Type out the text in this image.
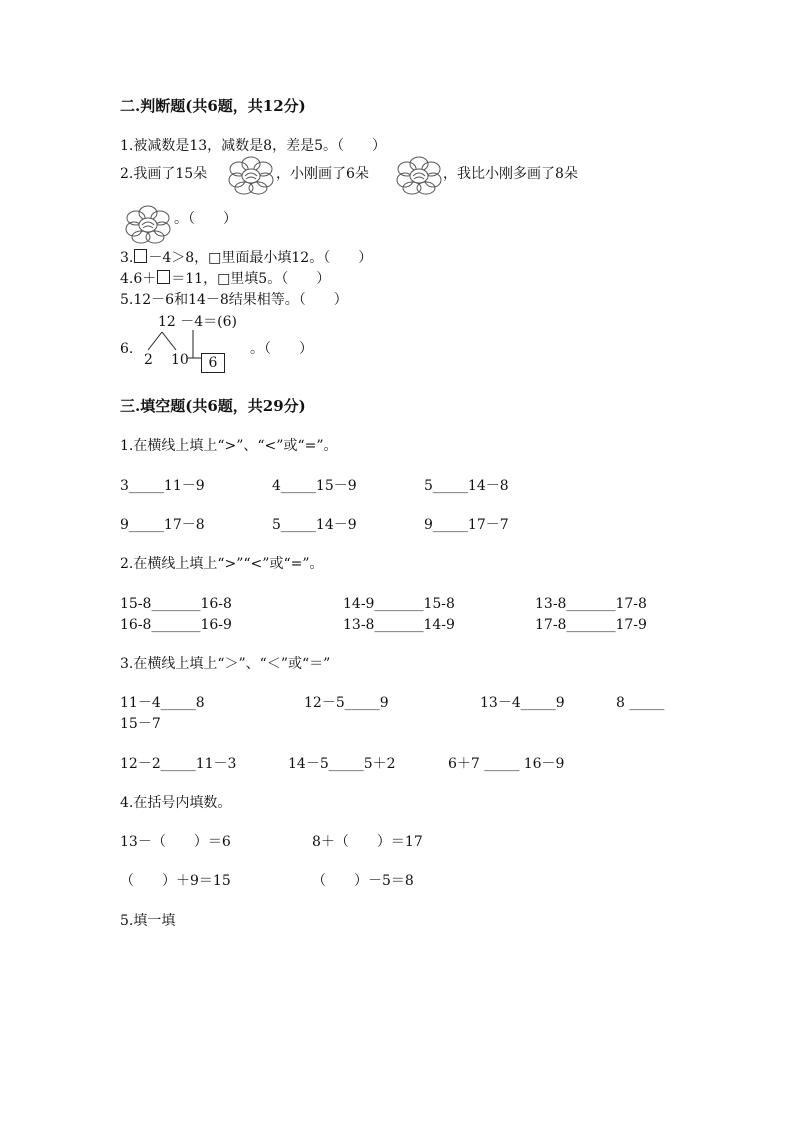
二.判断题(共6题，共12分)
1.被减数是13，减数是8，差是5。（　　）
2.我画了15朵	，小刚画了6朵	，我比小刚多画了8朵
。（　　）
3. －4＞8，□里面最小填12。（　　）
4.6＋ ＝11，□里填5。（　　）
5.12－6和14－8结果相等。（　　）
12 －4＝(6)
6.
2 10	6
。（　　）
三.填空题(共6题，共29分)
1.在横线上填上“>”、“<”或“=”。
3_____11－9	4_____15－9	5_____14－8
9_____17－8	5_____14－9	9_____17－7
2.在横线上填上“>”“<”或“=”。
15-8_______16-8	14-9_______15-8	13-8_______17-8
16-8_______16-9	13-8_______14-9	17-8_______17-9
3.在横线上填上“＞”、“＜”或“＝”
11－4_____8	12－5_____9	13－4_____9	8 _____
15－7
12－2_____11－3	14－5_____5＋2	6＋7 _____ 16－9
4.在括号内填数。
13－（　　）＝6	8＋（　　）＝17
（　　）＋9＝15	（　　）－5＝8
5.填一填
